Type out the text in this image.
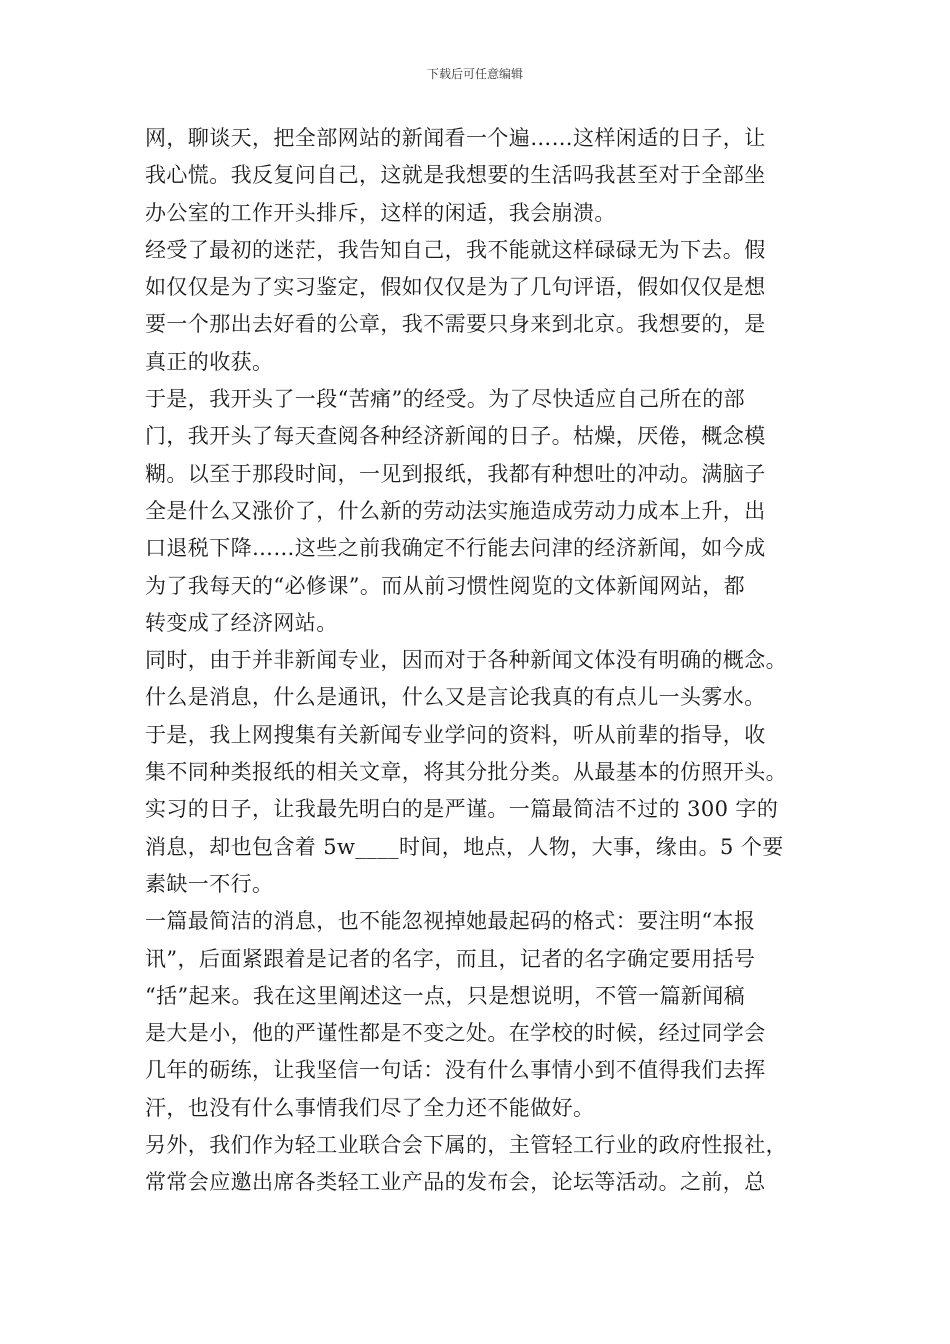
下载后可任意编辑
网，聊谈天，把全部网站的新闻看一个遍……这样闲适的日子，让
我心慌。我反复问自己，这就是我想要的生活吗我甚至对于全部坐
办公室的工作开头排斥，这样的闲适，我会崩溃。
经受了最初的迷茫，我告知自己，我不能就这样碌碌无为下去。假
如仅仅是为了实习鉴定，假如仅仅是为了几句评语，假如仅仅是想
要一个那出去好看的公章，我不需要只身来到北京。我想要的，是
真正的收获。
于是，我开头了一段“苦痛”的经受。为了尽快适应自己所在的部
门，我开头了每天查阅各种经济新闻的日子。枯燥，厌倦，概念模
糊。以至于那段时间，一见到报纸，我都有种想吐的冲动。满脑子
全是什么又涨价了，什么新的劳动法实施造成劳动力成本上升，出
口退税下降……这些之前我确定不行能去问津的经济新闻，如今成
为了我每天的“必修课”。而从前习惯性阅览的文体新闻网站，都
转变成了经济网站。
同时，由于并非新闻专业，因而对于各种新闻文体没有明确的概念。
什么是消息，什么是通讯，什么又是言论我真的有点儿一头雾水。
于是，我上网搜集有关新闻专业学问的资料，听从前辈的指导，收
集不同种类报纸的相关文章，将其分批分类。从最基本的仿照开头。
实习的日子，让我最先明白的是严谨。一篇最简洁不过的 300 字的
消息，却也包含着 5w____时间，地点，人物，大事，缘由。5 个要
素缺一不行。
一篇最简洁的消息，也不能忽视掉她最起码的格式：要注明“本报
讯”，后面紧跟着是记者的名字，而且，记者的名字确定要用括号
“括”起来。我在这里阐述这一点，只是想说明，不管一篇新闻稿
是大是小，他的严谨性都是不变之处。在学校的时候，经过同学会
几年的砺练，让我坚信一句话：没有什么事情小到不值得我们去挥
汗，也没有什么事情我们尽了全力还不能做好。
另外，我们作为轻工业联合会下属的，主管轻工行业的政府性报社，
常常会应邀出席各类轻工业产品的发布会，论坛等活动。之前，总
